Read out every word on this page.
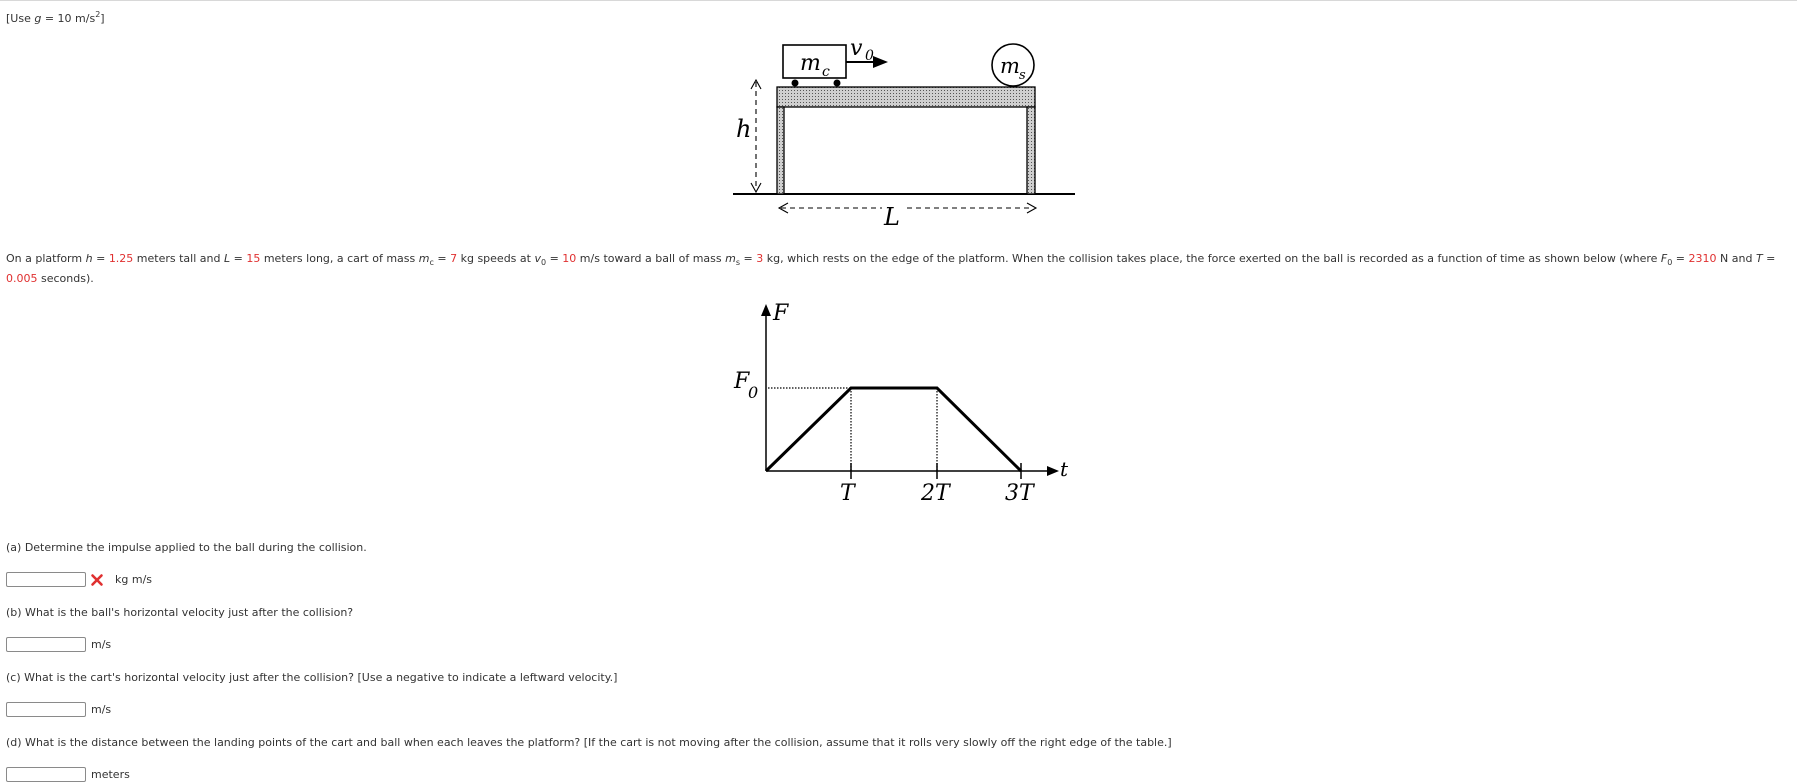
[Use g = 10 $m/s^2$]
m c
v 0	m s
h
L
On a platform h = 1.25 meters tall and L = 15 meters long, a cart of mass $m_c = 7$ kg speeds at $v_0 = 10$ m/s toward a ball of mass $m_s = 3$ kg, which rests on the edge of the platform. When the collision takes place, the force exerted on the ball is recorded as a function of time as shown below (where $F_0 = 2310$ N and T =
0.005 seconds).
F
t
F
0
T	2T	3T
(a) Determine the impulse applied to the ball during the collision.
kg m/s
(b) What is the ball's horizontal velocity just after the collision?
m/s
(c) What is the cart's horizontal velocity just after the collision? [Use a negative to indicate a leftward velocity.]
m/s
(d) What is the distance between the landing points of the cart and ball when each leaves the platform? [If the cart is not moving after the collision, assume that it rolls very slowly off the right edge of the table.]
meters
